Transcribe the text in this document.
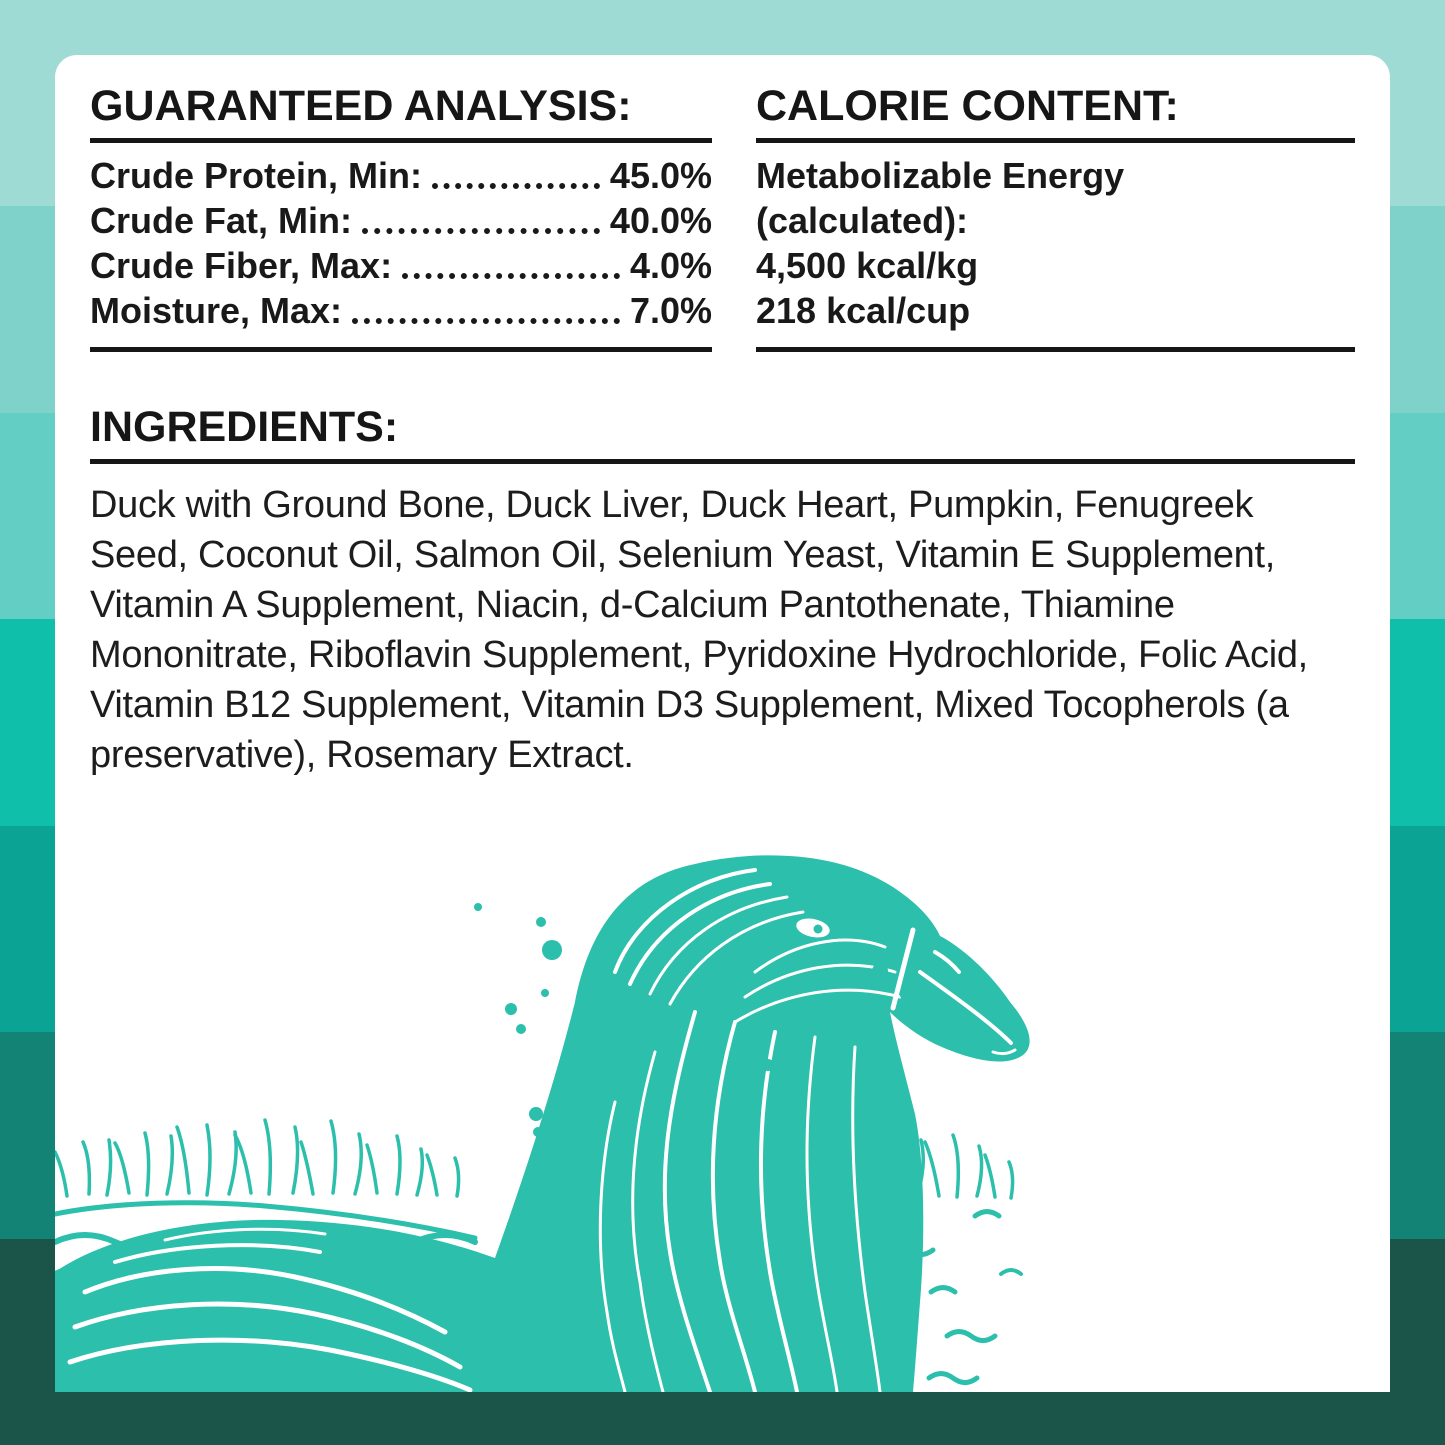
GUARANTEED ANALYSIS:
Crude Protein, Min:	45.0%
Crude Fat, Min:	40.0%
Crude Fiber, Max:	4.0%
Moisture, Max:	7.0%
CALORIE CONTENT:
Metabolizable Energy
(calculated):
4,500 kcal/kg
218 kcal/cup
INGREDIENTS:

Duck with Ground Bone, Duck Liver, Duck Heart, Pumpkin, Fenugreek Seed, Coconut Oil, Salmon Oil, Selenium Yeast, Vitamin E Supplement, Vitamin A Supplement, Niacin, d-Calcium Pantothenate, Thiamine Mononitrate, Riboflavin Supplement, Pyridoxine Hydrochloride, Folic Acid, Vitamin B12 Supplement, Vitamin D3 Supplement, Mixed Tocopherols (a preservative), Rosemary Extract.
